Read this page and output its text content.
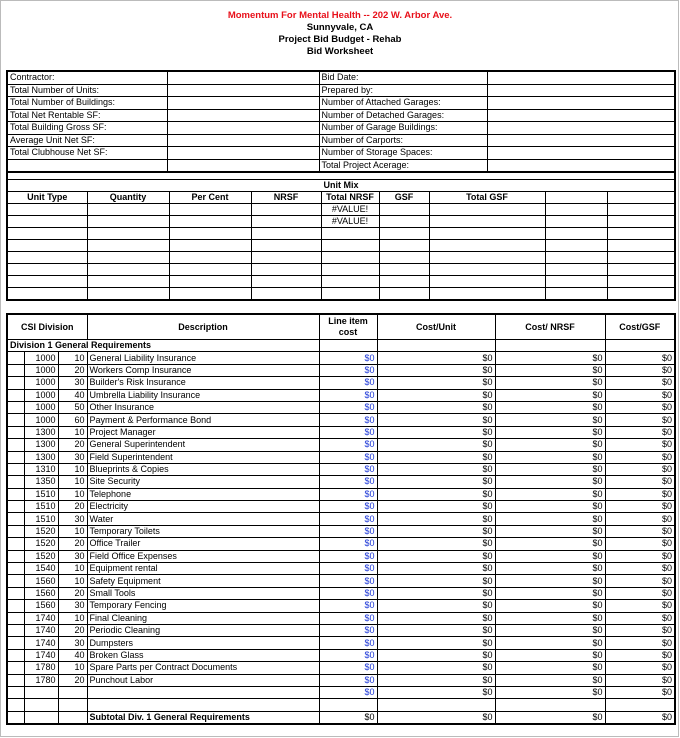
Momentum For Mental Health -- 202 W. Arbor Ave.
Sunnyvale, CA
Project Bid Budget - Rehab
Bid Worksheet
Contractor:		Bid Date:	
Total Number of Units:		Prepared by:	
Total Number of Buildings:		Number of Attached Garages:	
Total Net Rentable SF:		Number of Detached Garages:	
Total Building Gross SF:		Number of Garage Buildings:	
Average Unit Net SF:		Number of Carports:	
Total Clubhouse Net SF:		Number of Storage Spaces:	
		Total Project Acerage:	

Unit Mix								
Unit Type	Quantity	Per Cent	NRSF	Total NRSF	GSF	Total GSF		
				#VALUE!				
				#VALUE!				

CSI Division			Description	Line item cost	Cost/Unit	Cost/ NRSF	Cost/GSF
Division 1 General Requirements							
	1000	10	General Liability Insurance	$0	$0	$0	$0
	1000	20	Workers Comp Insurance	$0	$0	$0	$0
	1000	30	Builder's Risk Insurance	$0	$0	$0	$0
	1000	40	Umbrella Liability Insurance	$0	$0	$0	$0
	1000	50	Other Insurance	$0	$0	$0	$0
	1000	60	Payment & Performance Bond	$0	$0	$0	$0
	1300	10	Project Manager	$0	$0	$0	$0
	1300	20	General Superintendent	$0	$0	$0	$0
	1300	30	Field Superintendent	$0	$0	$0	$0
	1310	10	Blueprints & Copies	$0	$0	$0	$0
	1350	10	Site Security	$0	$0	$0	$0
	1510	10	Telephone	$0	$0	$0	$0
	1510	20	Electricity	$0	$0	$0	$0
	1510	30	Water	$0	$0	$0	$0
	1520	10	Temporary Toilets	$0	$0	$0	$0
	1520	20	Office Trailer	$0	$0	$0	$0
	1520	30	Field Office Expenses	$0	$0	$0	$0
	1540	10	Equipment rental	$0	$0	$0	$0
	1560	10	Safety Equipment	$0	$0	$0	$0
	1560	20	Small Tools	$0	$0	$0	$0
	1560	30	Temporary Fencing	$0	$0	$0	$0
	1740	10	Final Cleaning	$0	$0	$0	$0
	1740	20	Periodic Cleaning	$0	$0	$0	$0
	1740	30	Dumpsters	$0	$0	$0	$0
	1740	40	Broken Glass	$0	$0	$0	$0
	1780	10	Spare Parts per Contract Documents	$0	$0	$0	$0
	1780	20	Punchout Labor	$0	$0	$0	$0
				$0	$0	$0	$0

			Subtotal Div. 1 General Requirements	$0	$0	$0	$0
